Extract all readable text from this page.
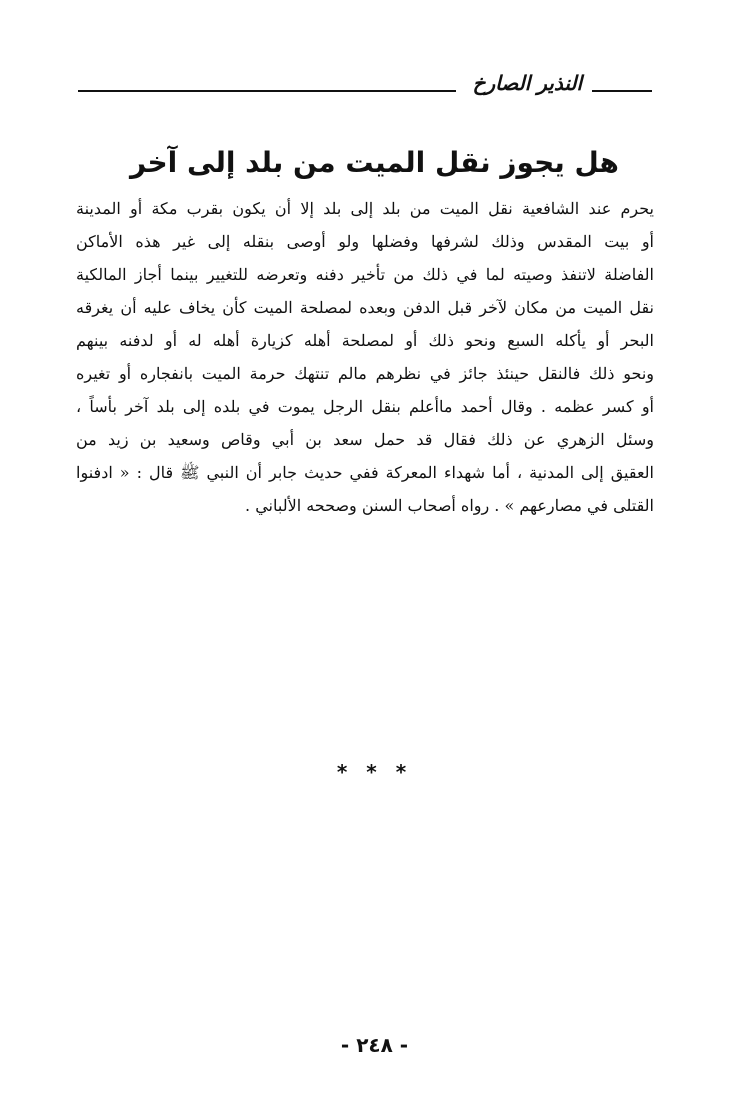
النذير الصارخ
هل يجوز نقل الميت من بلد إلى آخر
يحرم عند الشافعية نقل الميت من بلد إلى بلد إلا أن يكون بقرب مكة أو المدينة
أو بيت المقدس وذلك لشرفها وفضلها ولو أوصى بنقله إلى غير هذه الأماكن
الفاضلة لاتنفذ وصيته لما في ذلك من تأخير دفنه وتعرضه للتغيير بينما أجاز المالكية
نقل الميت من مكان لآخر قبل الدفن وبعده لمصلحة الميت كأن يخاف عليه أن يغرقه
البحر أو يأكله السبع ونحو ذلك أو لمصلحة أهله كزيارة أهله له أو لدفنه بينهم
ونحو ذلك فالنقل حينئذ جائز في نظرهم مالم تنتهك حرمة الميت بانفجاره أو تغيره
أو كسر عظمه . وقال أحمد ماأعلم بنقل الرجل يموت في بلده إلى بلد آخر بأساً ،
وسئل الزهري عن ذلك فقال قد حمل سعد بن أبي وقاص وسعيد بن زيد من
العقيق إلى المدنية ، أما شهداء المعركة ففي حديث جابر أن النبي ﷺ قال : « ادفنوا
القتلى في مصارعهم » . رواه أصحاب السنن وصححه الألباني .
* * *
- ٢٤٨ -
